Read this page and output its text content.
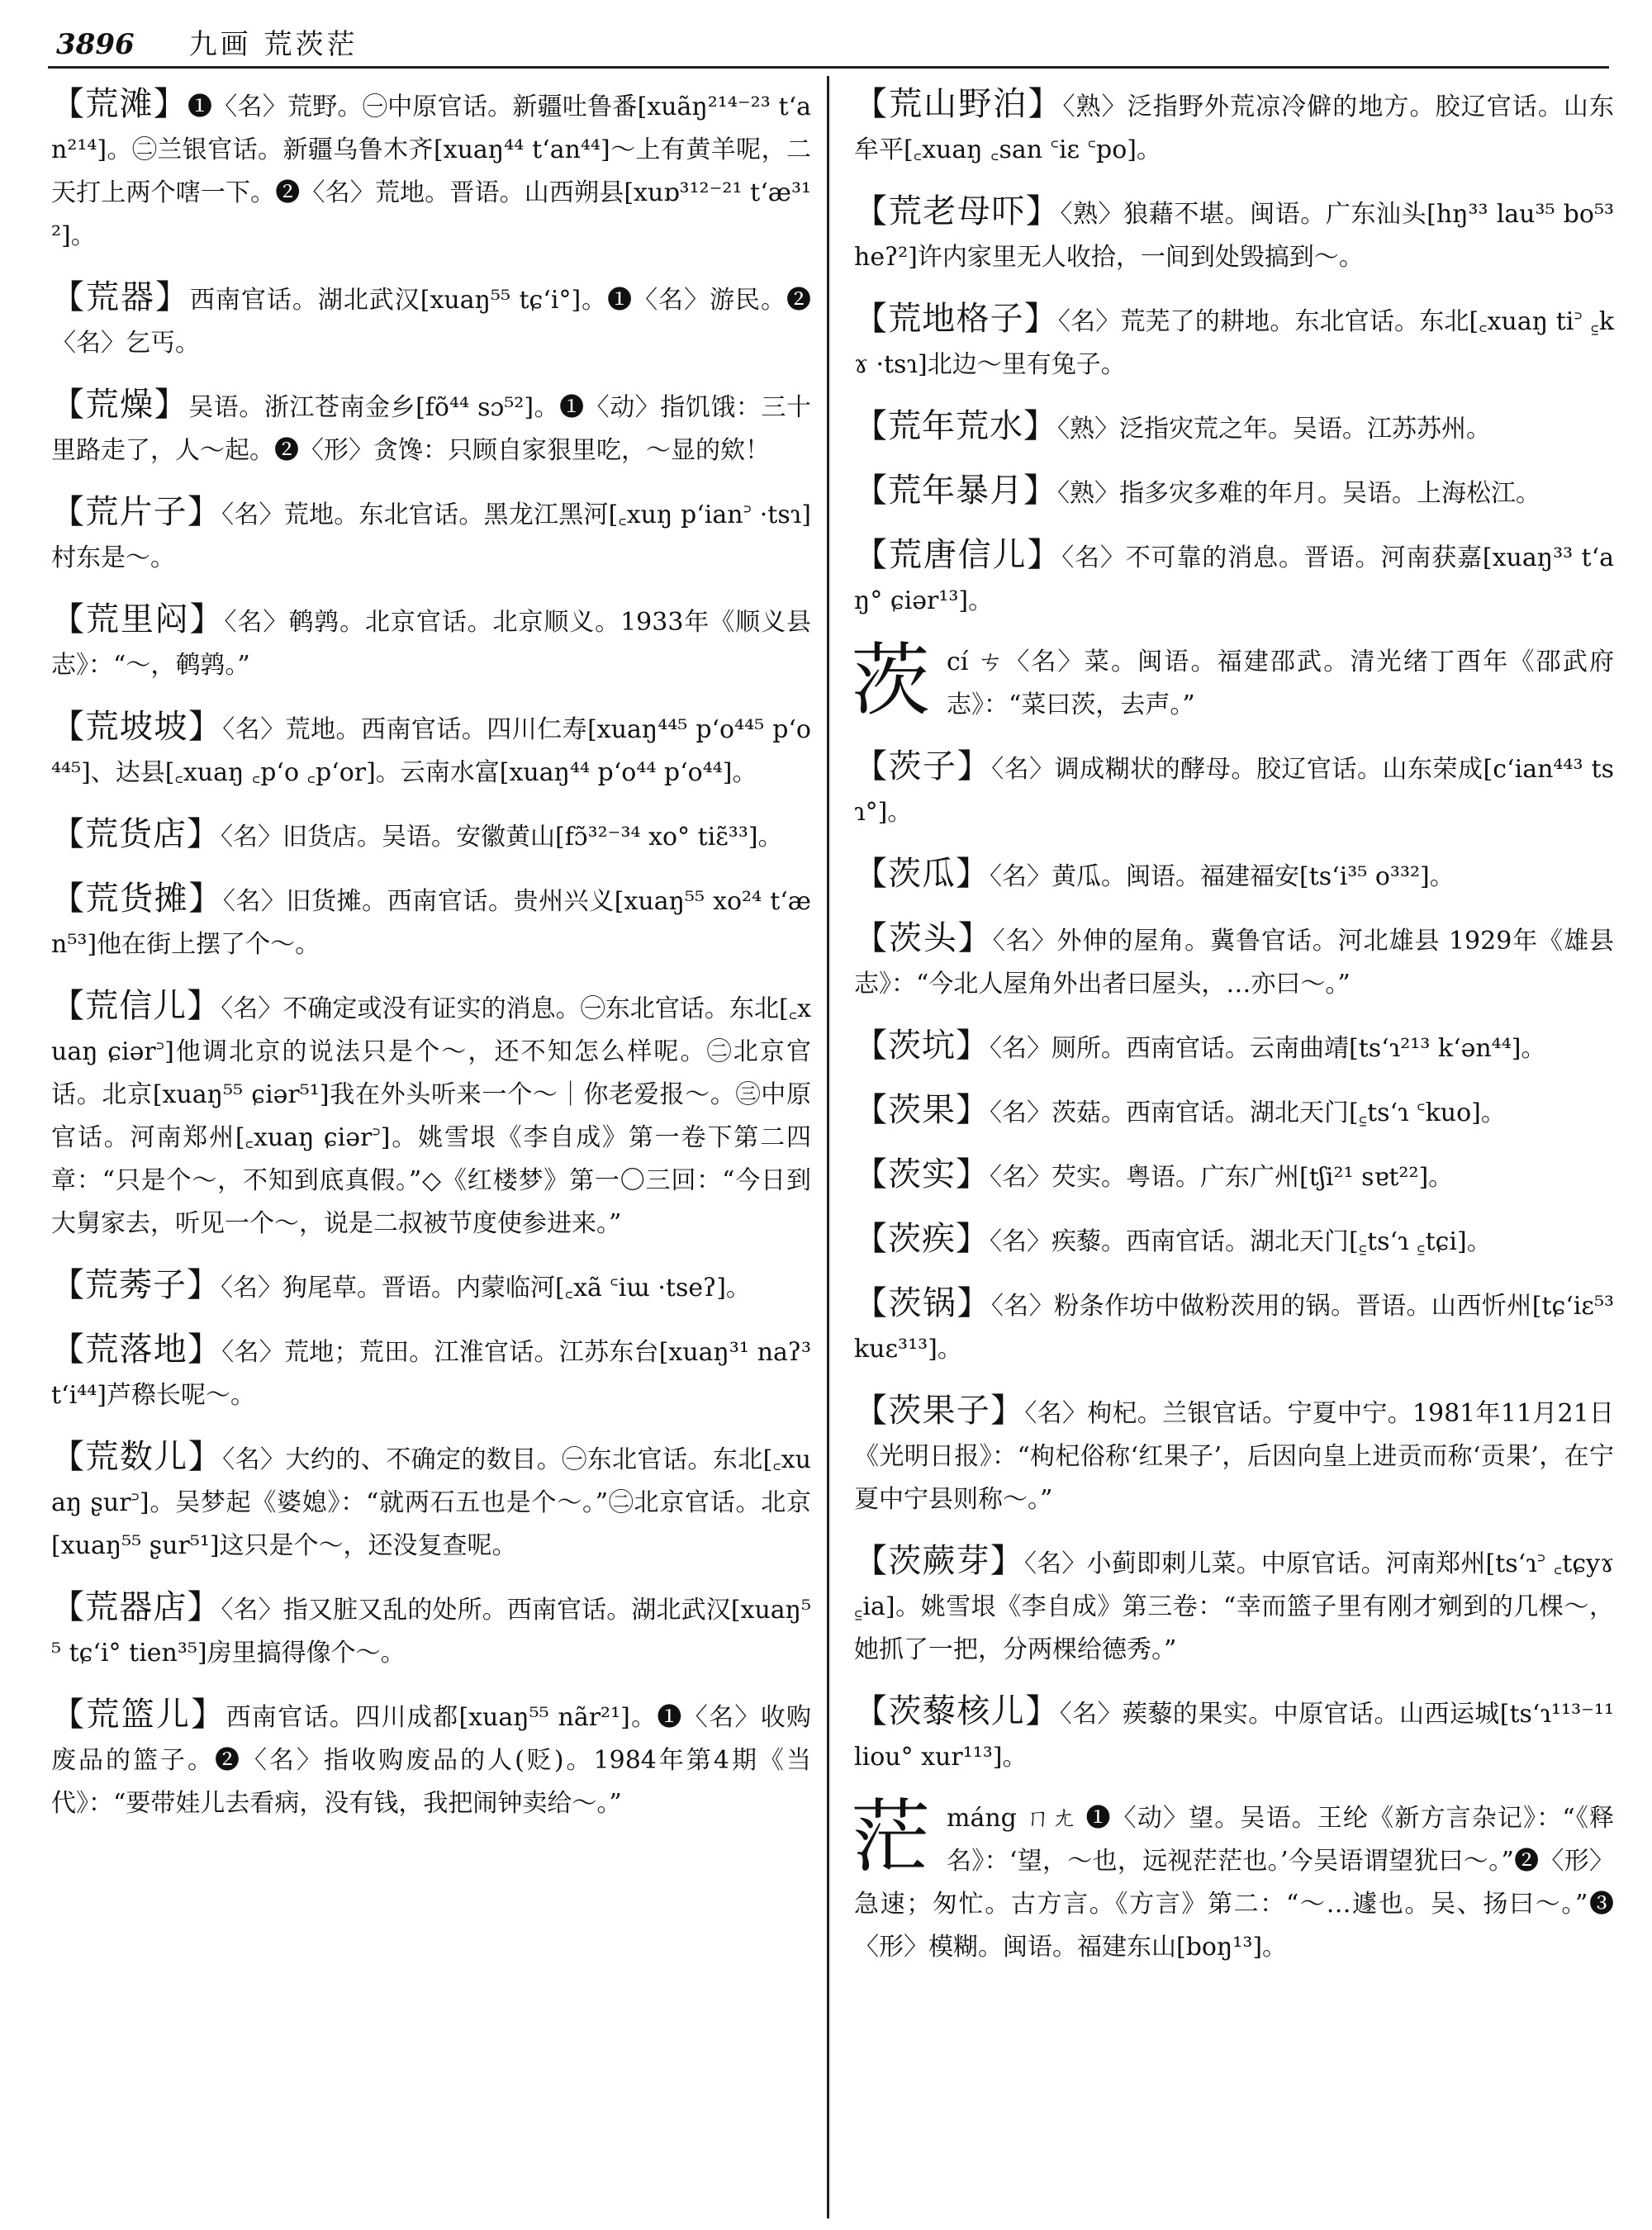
3896 九画 荒茨茫
【荒滩】❶〈名〉荒野。㊀中原官话。新疆吐鲁番[xuãŋ²¹⁴⁻²³ tʻan²¹⁴]。㊁兰银官话。新疆乌鲁木齐[xuaŋ⁴⁴ tʻan⁴⁴]～上有黄羊呢，二天打上两个嗐一下。❷〈名〉荒地。晋语。山西朔县[xuɒ³¹²⁻²¹ tʻæ³¹²]。
【荒器】西南官话。湖北武汉[xuaŋ⁵⁵ tɕʻi°]。❶〈名〉游民。❷〈名〉乞丐。
【荒燥】吴语。浙江苍南金乡[fõ⁴⁴ sɔ⁵²]。❶〈动〉指饥饿：三十里路走了，人～起。❷〈形〉贪馋：只顾自家狠里吃，～显的欸！
【荒片子】〈名〉荒地。东北官话。黑龙江黑河[꜀xuŋ pʻian꜄ ·tsɿ]村东是～。
【荒里闷】〈名〉鹌鹑。北京官话。北京顺义。1933年《顺义县志》：“～，鹌鹑。”
【荒坡坡】〈名〉荒地。西南官话。四川仁寿[xuaŋ⁴⁴⁵ pʻo⁴⁴⁵ pʻo⁴⁴⁵]、达县[꜀xuaŋ ꜀pʻo ꜀pʻor]。云南水富[xuaŋ⁴⁴ pʻo⁴⁴ pʻo⁴⁴]。
【荒货店】〈名〉旧货店。吴语。安徽黄山[fɔ̃³²⁻³⁴ xo° tiɛ̃³³]。
【荒货摊】〈名〉旧货摊。西南官话。贵州兴义[xuaŋ⁵⁵ xo²⁴ tʻæn⁵³]他在街上摆了个～。
【荒信儿】〈名〉不确定或没有证实的消息。㊀东北官话。东北[꜀xuaŋ ɕiər꜄]他调北京的说法只是个～，还不知怎么样呢。㊁北京官话。北京[xuaŋ⁵⁵ ɕiər⁵¹]我在外头听来一个～｜你老爱报～。㊂中原官话。河南郑州[꜀xuaŋ ɕiər꜄]。姚雪垠《李自成》第一卷下第二四章：“只是个～，不知到底真假。”◇《红楼梦》第一〇三回：“今日到大舅家去，听见一个～，说是二叔被节度使参进来。”
【荒莠子】〈名〉狗尾草。晋语。内蒙临河[꜀xã ꜂iɯ ·tseʔ]。
【荒落地】〈名〉荒地；荒田。江淮官话。江苏东台[xuaŋ³¹ naʔ³ tʻi⁴⁴]芦穄长呢～。
【荒数儿】〈名〉大约的、不确定的数目。㊀东北官话。东北[꜀xuaŋ ʂur꜄]。吴梦起《婆媳》：“就两石五也是个～。”㊁北京官话。北京[xuaŋ⁵⁵ ʂur⁵¹]这只是个～，还没复查呢。
【荒器店】〈名〉指又脏又乱的处所。西南官话。湖北武汉[xuaŋ⁵⁵ tɕʻi° tien³⁵]房里搞得像个～。
【荒篮儿】西南官话。四川成都[xuaŋ⁵⁵ nãr²¹]。❶〈名〉收购废品的篮子。❷〈名〉指收购废品的人(贬)。1984年第4期《当代》：“要带娃儿去看病，没有钱，我把闹钟卖给～。”
【荒山野泊】〈熟〉泛指野外荒凉冷僻的地方。胶辽官话。山东牟平[꜀xuaŋ ꜀san ꜂iɛ ꜂po]。
【荒老母吓】〈熟〉狼藉不堪。闽语。广东汕头[hŋ³³ lau³⁵ bo⁵³ heʔ²]许内家里无人收拾，一间到处毁搞到～。
【荒地格子】〈名〉荒芜了的耕地。东北官话。东北[꜀xuaŋ ti꜄ ꜁kɤ ·tsɿ]北边～里有兔子。
【荒年荒水】〈熟〉泛指灾荒之年。吴语。江苏苏州。
【荒年暴月】〈熟〉指多灾多难的年月。吴语。上海松江。
【荒唐信儿】〈名〉不可靠的消息。晋语。河南获嘉[xuaŋ³³ tʻaŋ° ɕiər¹³]。
茨cí ㄘ〈名〉菜。闽语。福建邵武。清光绪丁酉年《邵武府志》：“菜曰茨，去声。”
【茨子】〈名〉调成糊状的酵母。胶辽官话。山东荣成[cʻian⁴⁴³ tsɿ°]。
【茨瓜】〈名〉黄瓜。闽语。福建福安[tsʻi³⁵ o³³²]。
【茨头】〈名〉外伸的屋角。冀鲁官话。河北雄县 1929年《雄县志》：“今北人屋角外出者曰屋头，…亦曰～。”
【茨坑】〈名〉厕所。西南官话。云南曲靖[tsʻɿ²¹³ kʻən⁴⁴]。
【茨果】〈名〉茨菇。西南官话。湖北天门[꜁tsʻɿ ꜂kuo]。
【茨实】〈名〉芡实。粤语。广东广州[tʃi²¹ sɐt²²]。
【茨疾】〈名〉疾藜。西南官话。湖北天门[꜁tsʻɿ ꜁tɕi]。
【茨锅】〈名〉粉条作坊中做粉茨用的锅。晋语。山西忻州[tɕʻiɛ⁵³ kuɛ³¹³]。
【茨果子】〈名〉枸杞。兰银官话。宁夏中宁。1981年11月21日《光明日报》：“枸杞俗称‘红果子’，后因向皇上进贡而称‘贡果’，在宁夏中宁县则称～。”
【茨蕨芽】〈名〉小蓟即刺儿菜。中原官话。河南郑州[tsʻɿ꜄ ꜀tɕyɤ ꜁ia]。姚雪垠《李自成》第三卷：“幸而篮子里有刚才剜到的几棵～，她抓了一把，分两棵给德秀。”
【茨藜核儿】〈名〉蒺藜的果实。中原官话。山西运城[tsʻɿ¹¹³⁻¹¹ liou° xur¹¹³]。
茫máng ㄇㄤ ❶〈动〉望。吴语。王纶《新方言杂记》：“《释名》：‘望，～也，远视茫茫也。’今吴语谓望犹曰～。”❷〈形〉急速；匆忙。古方言。《方言》第二：“～…遽也。吴、扬曰～。”❸〈形〉模糊。闽语。福建东山[boŋ¹³]。
